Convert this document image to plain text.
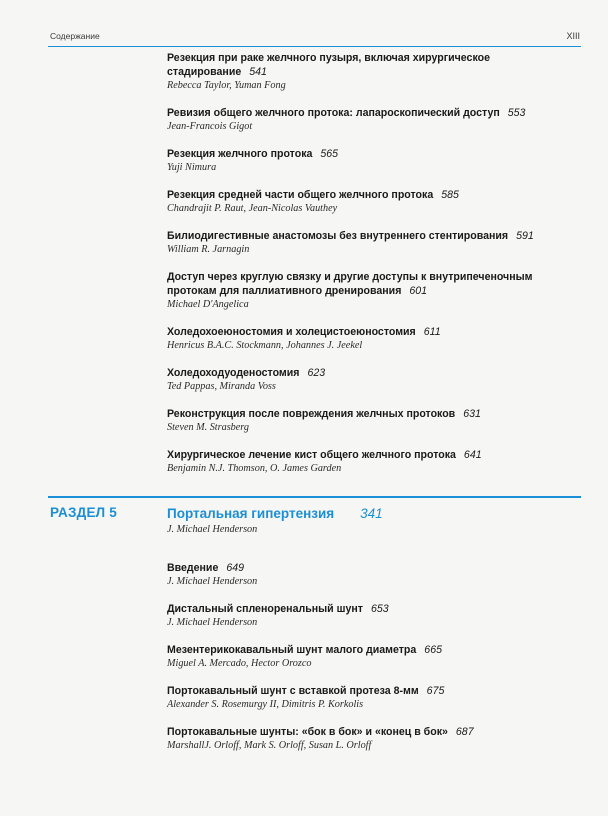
Содержание	XIII
Резекция при раке желчного пузыря, включая хирургическое
стадирование 541
Rebecca Taylor, Yuman Fong
Ревизия общего желчного протока: лапароскопический доступ 553
Jean-Francois Gigot
Резекция желчного протока 565
Yuji Nimura
Резекция средней части общего желчного протока 585
Chandrajit P. Raut, Jean-Nicolas Vauthey
Билиодигестивные анастомозы без внутреннего стентирования 591
William R. Jarnagin
Доступ через круглую связку и другие доступы к внутрипеченочным
протокам для паллиативного дренирования 601
Michael D'Angelica
Холедохоеюностомия и холецистоеюностомия 611
Henricus B.A.C. Stockmann, Johannes J. Jeekel
Холедоходуоденостомия 623
Ted Pappas, Miranda Voss
Реконструкция после повреждения желчных протоков 631
Steven M. Strasberg
Хирургическое лечение кист общего желчного протока 641
Benjamin N.J. Thomson, O. James Garden
РАЗДЕЛ 5	Портальная гипертензия 341
J. Michael Henderson
Введение 649
J. Michael Henderson
Дистальный спленоренальный шунт 653
J. Michael Henderson
Мезентерикокавальный шунт малого диаметра 665
Miguel A. Mercado, Hector Orozco
Портокавальный шунт с вставкой протеза 8-мм 675
Alexander S. Rosemurgy II, Dimitris P. Korkolis
Портокавальные шунты: «бок в бок» и «конец в бок» 687
MarshallJ. Orloff, Mark S. Orloff, Susan L. Orloff
